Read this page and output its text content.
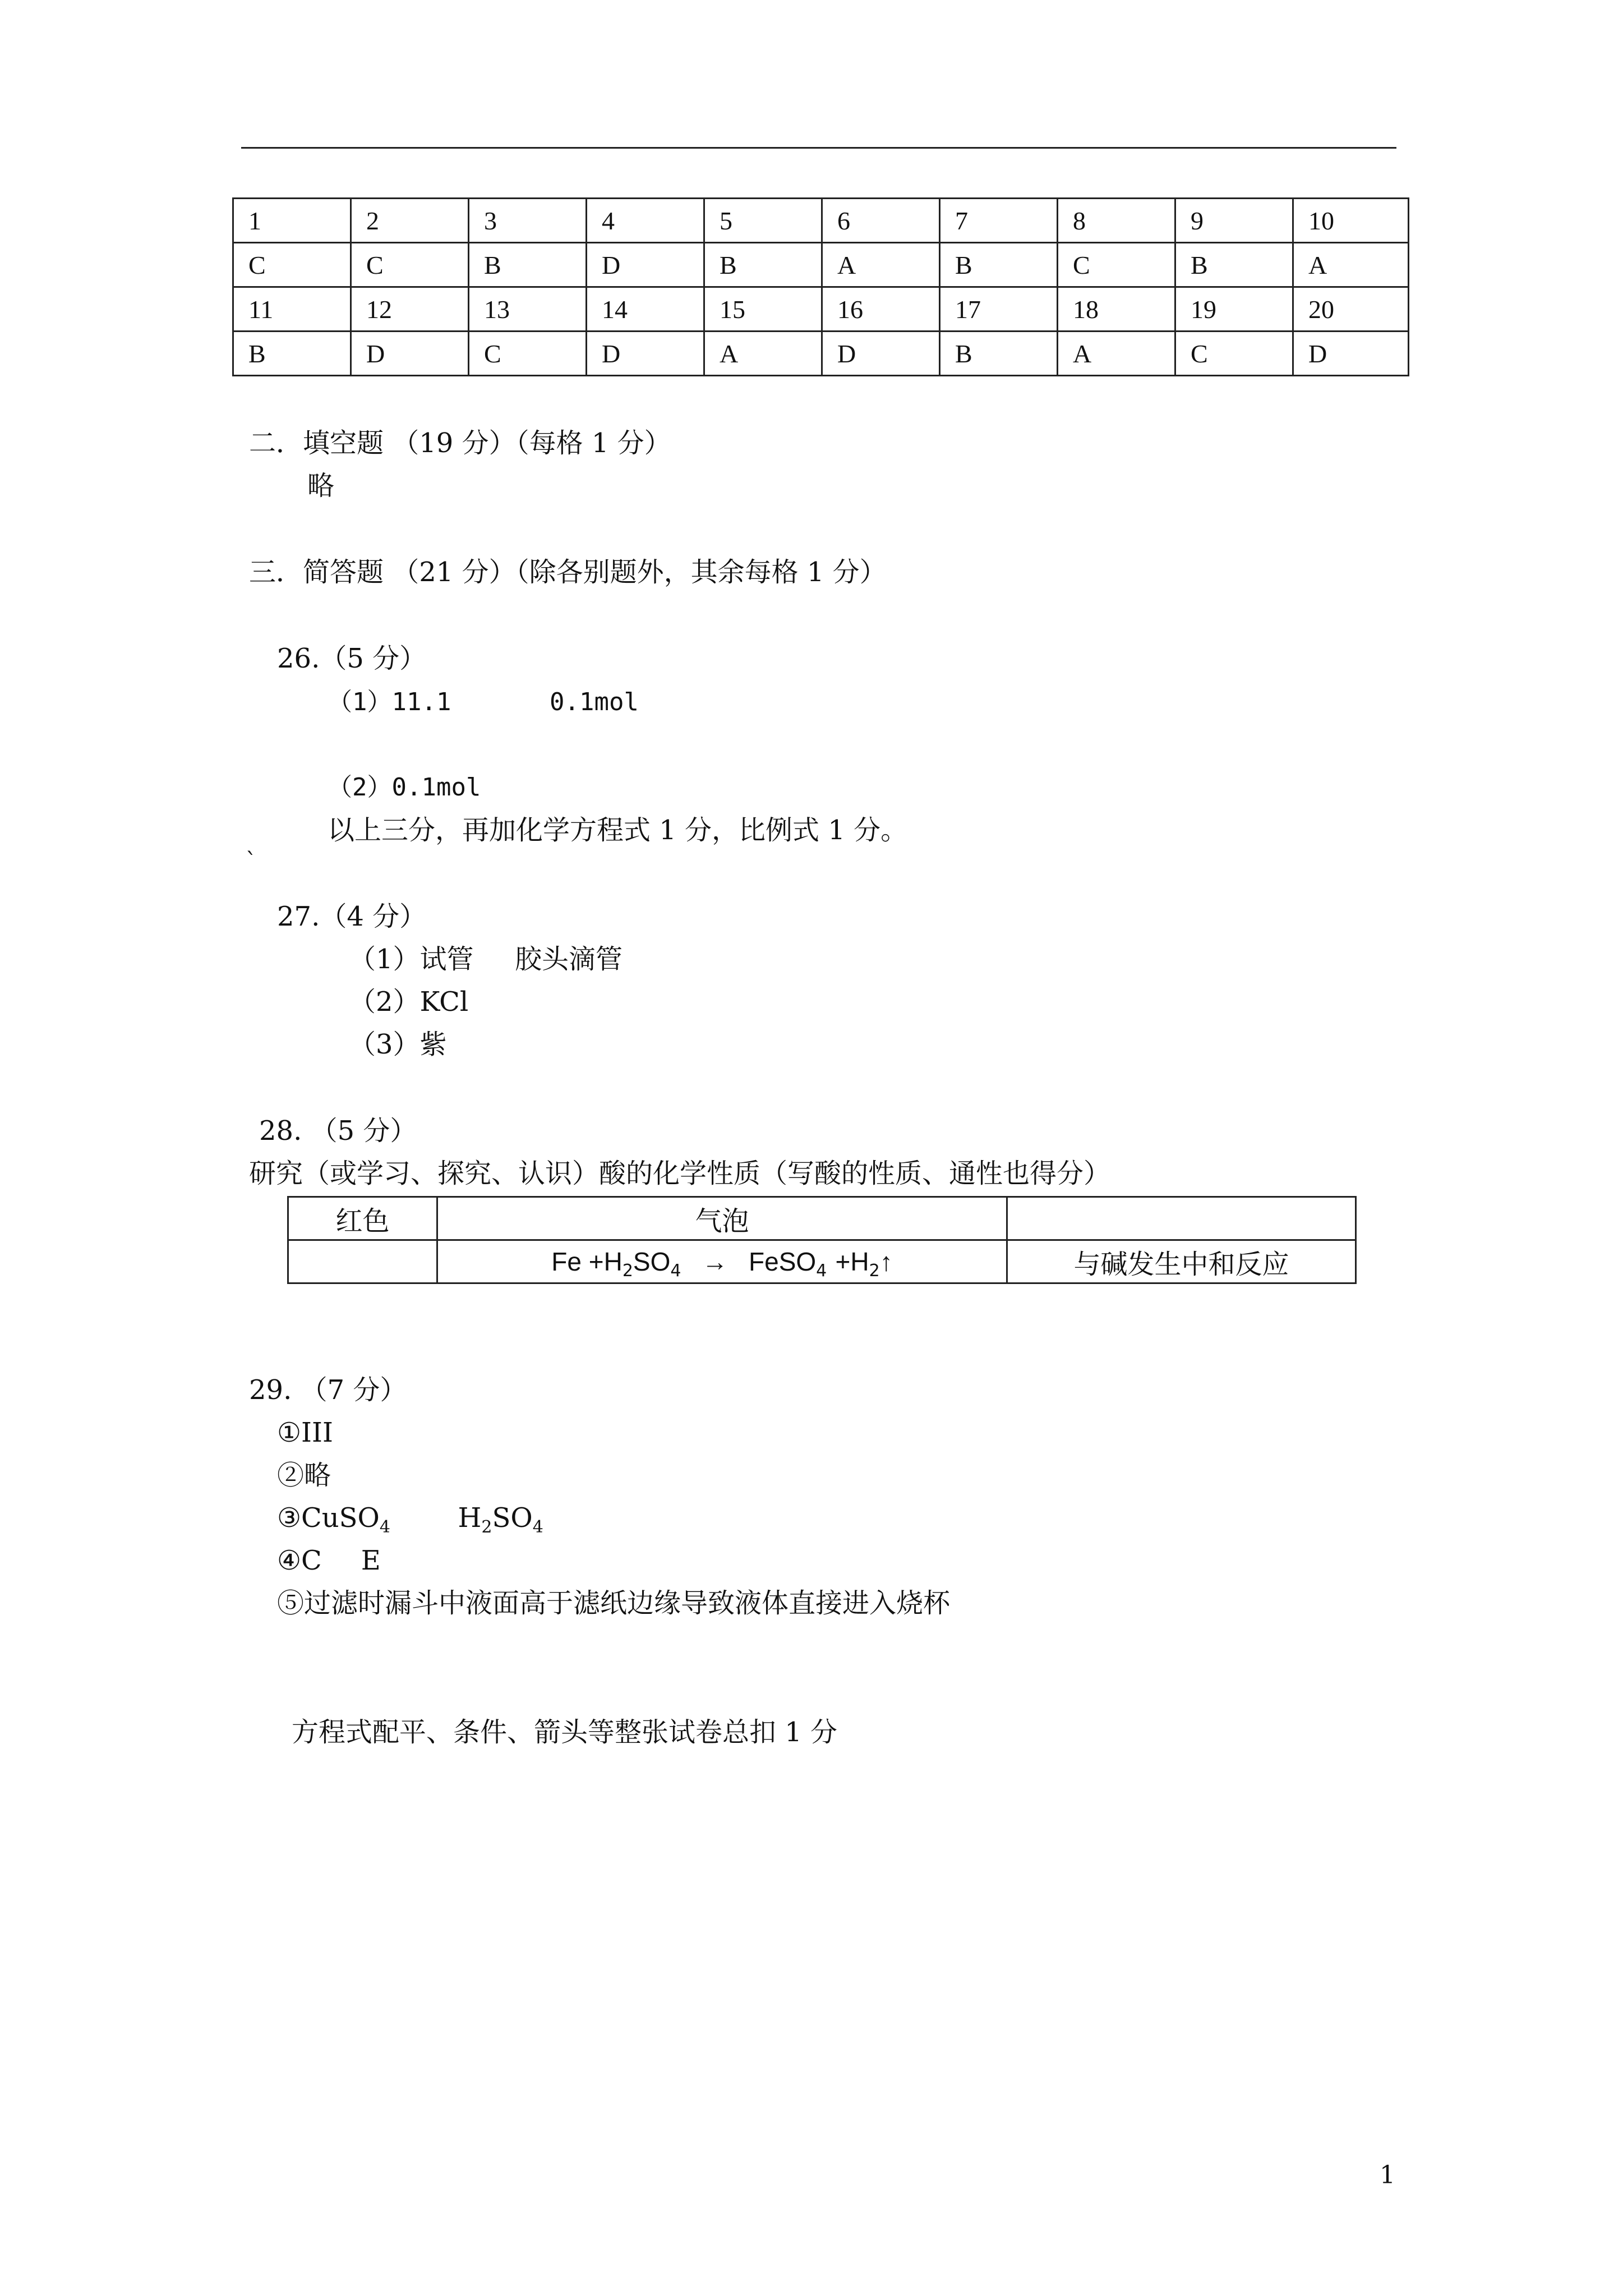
1	2	3	4	5	6	7	8	9	10
C	C	B	D	B	A	B	C	B	A
11	12	13	14	15	16	17	18	19	20
B	D	C	D	A	D	B	A	C	D
二．填空题 （19 分）（每格 1 分）
略
三．简答题 （21 分）（除各别题外，其余每格 1 分）
26.（5 分）
（1）11.1	0.1mol
（2）0.1mol
以上三分，再加化学方程式 1 分，比例式 1 分。
`
27.（4 分）
（1）试管 胶头滴管
（2）KCl
（3）紫
28. （5 分）
研究（或学习、探究、认识）酸的化学性质（写酸的性质、通性也得分）
红色	气泡	
	$Fe +H_2SO_4$ → FeSO$_4$ $+H_2↑$	与碱发生中和反应
29. （7 分）
①III
②略
③CuSO$_4$	$H_2SO_4$
④C E
⑤过滤时漏斗中液面高于滤纸边缘导致液体直接进入烧杯
方程式配平、条件、箭头等整张试卷总扣 1 分
1
